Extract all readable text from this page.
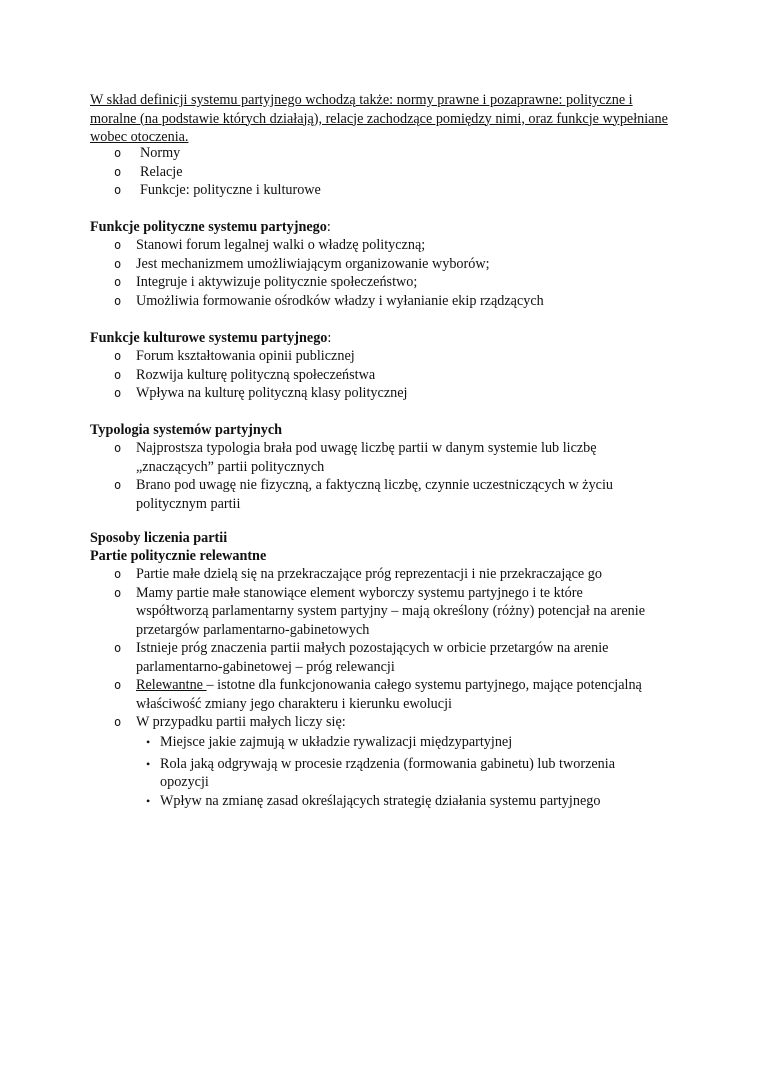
W skład definicji systemu partyjnego wchodzą także: normy prawne i pozaprawne: polityczne i moralne (na podstawie których działają), relacje zachodzące pomiędzy nimi, oraz funkcje wypełniane wobec otoczenia.
o Normy
o Relacje
o Funkcje: polityczne i kulturowe
Funkcje polityczne systemu partyjnego:
o Stanowi forum legalnej walki o władzę polityczną;
o Jest mechanizmem umożliwiającym organizowanie wyborów;
o Integruje i aktywizuje politycznie społeczeństwo;
o Umożliwia formowanie ośrodków władzy i wyłanianie ekip rządzących
Funkcje kulturowe systemu partyjnego:
o Forum kształtowania opinii publicznej
o Rozwija kulturę polityczną społeczeństwa
o Wpływa na kulturę polityczną klasy politycznej
Typologia systemów partyjnych
o Najprostsza typologia brała pod uwagę liczbę partii w danym systemie lub liczbę „znaczących” partii politycznych
o Brano pod uwagę nie fizyczną, a faktyczną liczbę, czynnie uczestniczących w życiu politycznym partii
Sposoby liczenia partii
Partie politycznie relewantne
o Partie małe dzielą się na przekraczające próg reprezentacji i nie przekraczające go
o Mamy partie małe stanowiące element wyborczy systemu partyjnego i te które współtworzą parlamentarny system partyjny – mają określony (różny) potencjał na arenie przetargów parlamentarno-gabinetowych
o Istnieje próg znaczenia partii małych pozostających w orbicie przetargów na arenie parlamentarno-gabinetowej – próg relewancji
o Relewantne – istotne dla funkcjonowania całego systemu partyjnego, mające potencjalną właściwość zmiany jego charakteru i kierunku ewolucji
o W przypadku partii małych liczy się:
• Miejsce jakie zajmują w układzie rywalizacji międzypartyjnej
• Rola jaką odgrywają w procesie rządzenia (formowania gabinetu) lub tworzenia opozycji
• Wpływ na zmianę zasad określających strategię działania systemu partyjnego
